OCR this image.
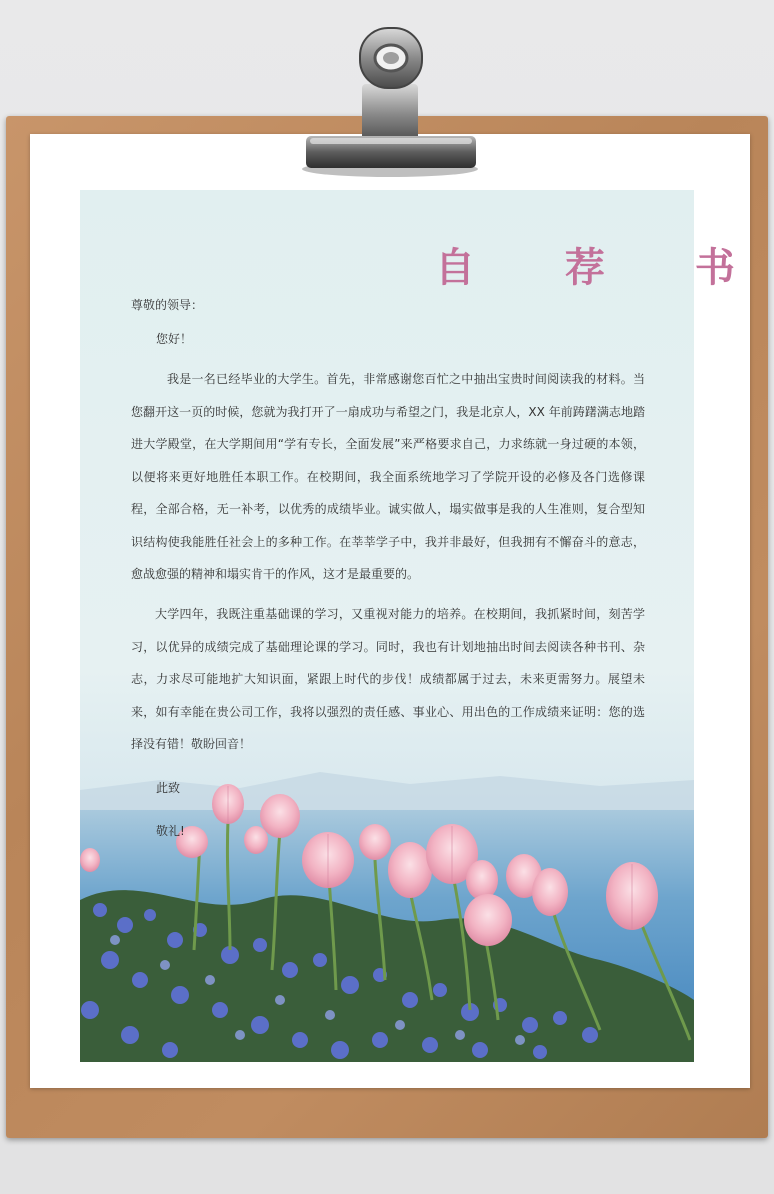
自 荐 书
尊敬的领导：
您好！
我是一名已经毕业的大学生。首先，非常感谢您百忙之中抽出宝贵时间阅读我的材料。当您翻开这一页的时候，您就为我打开了一扇成功与希望之门，我是北京人，XX 年前踌躇满志地踏进大学殿堂，在大学期间用“学有专长，全面发展”来严格要求自己，力求练就一身过硬的本领，以便将来更好地胜任本职工作。在校期间，我全面系统地学习了学院开设的必修及各门选修课程，全部合格，无一补考，以优秀的成绩毕业。诚实做人，塌实做事是我的人生准则，复合型知识结构使我能胜任社会上的多种工作。在莘莘学子中，我并非最好，但我拥有不懈奋斗的意志，愈战愈强的精神和塌实肯干的作风，这才是最重要的。
大学四年，我既注重基础课的学习，又重视对能力的培养。在校期间，我抓紧时间，刻苦学习，以优异的成绩完成了基础理论课的学习。同时，我也有计划地抽出时间去阅读各种书刊、杂志，力求尽可能地扩大知识面，紧跟上时代的步伐！成绩都属于过去，未来更需努力。展望未来，如有幸能在贵公司工作，我将以强烈的责任感、事业心、用出色的工作成绩来证明：您的选择没有错！敬盼回音！
此致
敬礼!
